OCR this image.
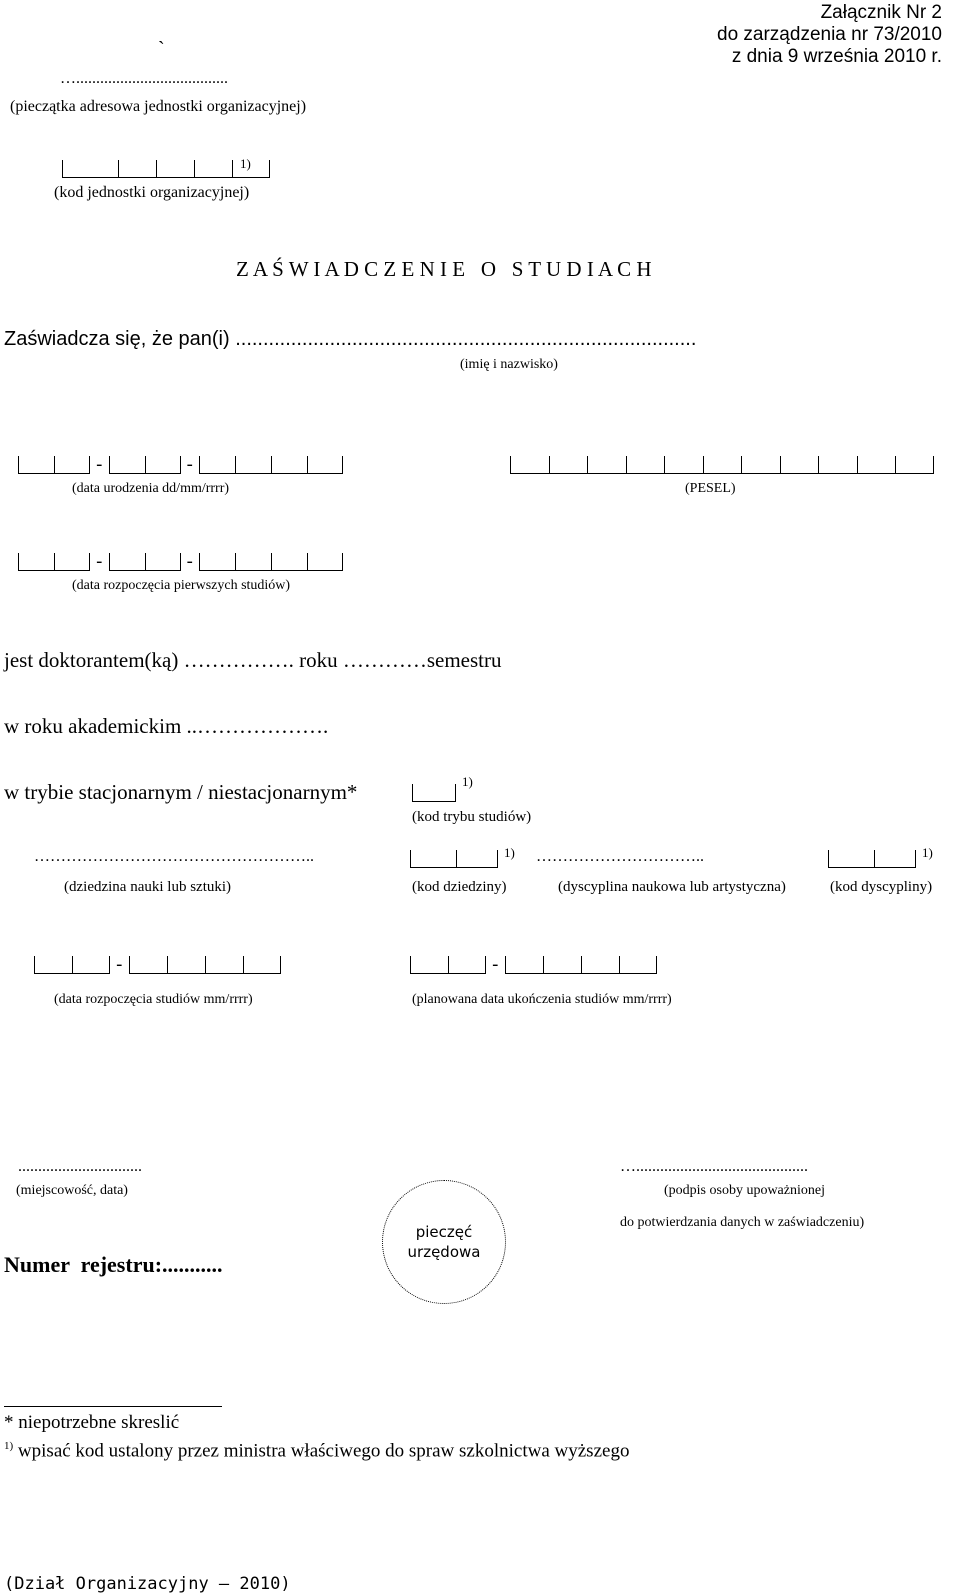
Załącznik Nr 2
do zarządzenia nr 73/2010
z dnia 9 września 2010 r.
`
…......................................
(pieczątka adresowa jednostki organizacyjnej)
1)
(kod jednostki organizacyjnej)
Z A Ś W I A D C Z E N I E   O   S T U D I A C H
Zaświadcza się, że pan(i) ...................................................................................
(imię i nazwisko)
-	-
(data urodzenia dd/mm/rrrr)	(PESEL)
-	-
(data rozpoczęcia pierwszych studiów)
jest doktorantem(ką) ……………. roku …………semestru
w roku akademickim ..……………….
w trybie stacjonarnym / niestacjonarnym*	1)
(kod trybu studiów)
……………………………………………..	1)
(dziedzina nauki lub sztuki)	(kod dziedziny)
…………………………..	1)
(dyscyplina naukowa lub artystyczna)	(kod dyscypliny)
-
(data rozpoczęcia studiów mm/rrrr)
-
(planowana data ukończenia studiów mm/rrrr)
...............................
(miejscowość, data)
…...........................................
(podpis osoby upoważnionej
do potwierdzania danych w zaświadczeniu)
pieczęć
urzędowa
Numer  rejestru:...........
* niepotrzebne skreslić
$^{1)}$ wpisać kod ustalony przez ministra właściwego do spraw szkolnictwa wyższego
(Dział Organizacyjny – 2010)
